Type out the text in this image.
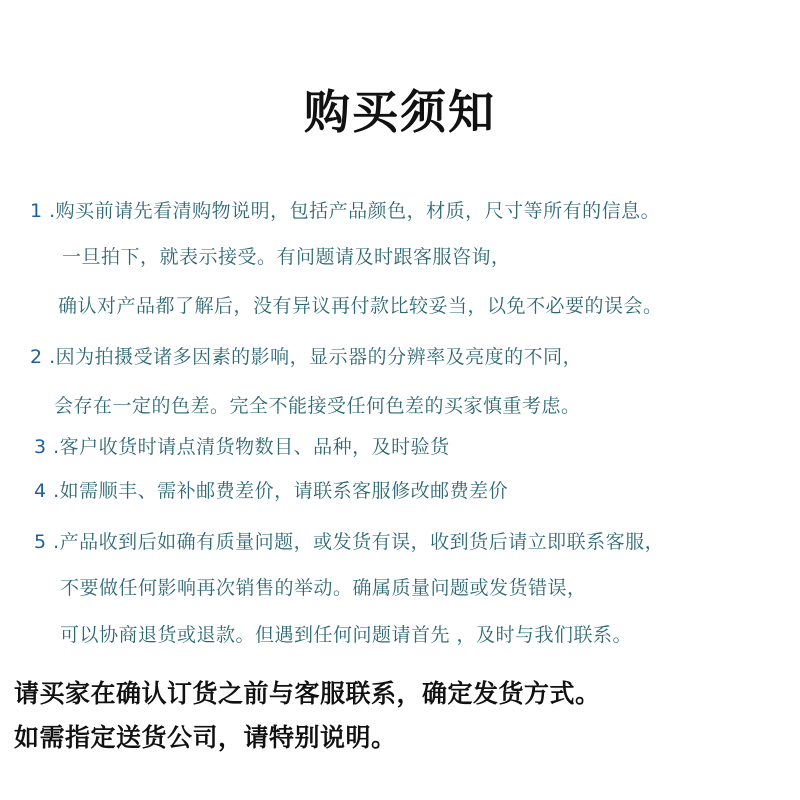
购买须知
1 .购买前请先看清购物说明，包括产品颜色，材质，尺寸等所有的信息。
一旦拍下，就表示接受。有问题请及时跟客服咨询，
确认对产品都了解后，没有异议再付款比较妥当，以免不必要的误会。
2 .因为拍摄受诸多因素的影响，显示器的分辨率及亮度的不同，
会存在一定的色差。完全不能接受任何色差的买家慎重考虑。
3 .客户收货时请点清货物数目、品种，及时验货
4 .如需顺丰、需补邮费差价，请联系客服修改邮费差价
5 .产品收到后如确有质量问题，或发货有误，收到货后请立即联系客服，
不要做任何影响再次销售的举动。确属质量问题或发货错误，
可以协商退货或退款。但遇到任何问题请首先 ，及时与我们联系。
请买家在确认订货之前与客服联系，确定发货方式。
如需指定送货公司，请特别说明。
